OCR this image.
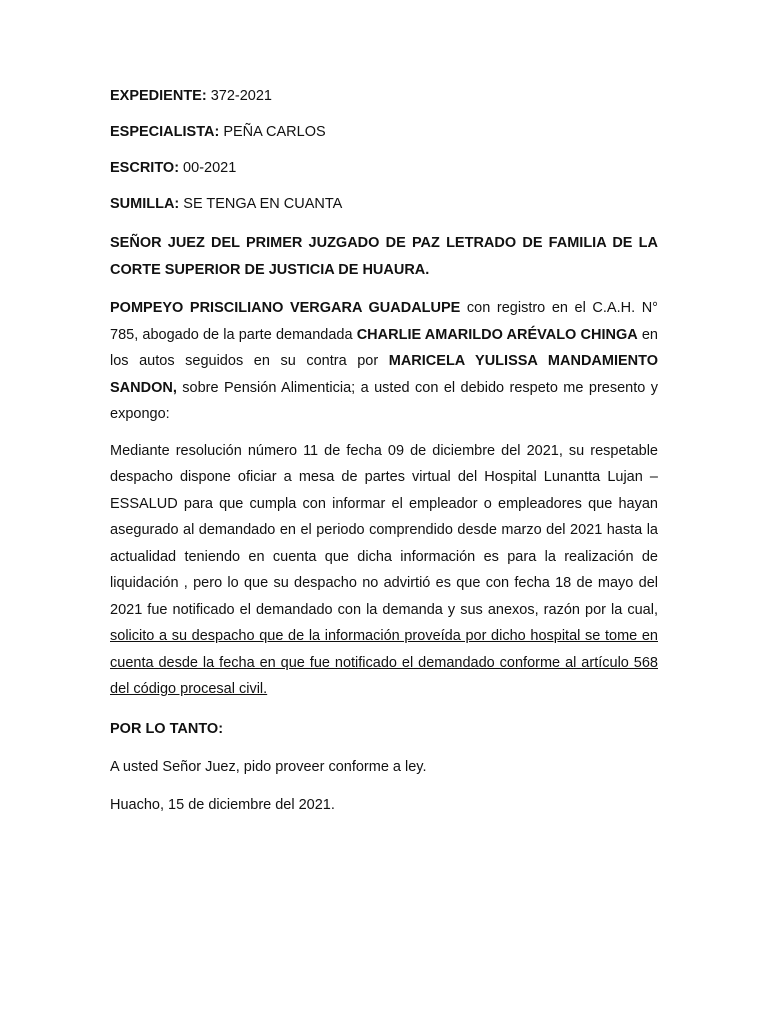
EXPEDIENTE: 372-2021

ESPECIALISTA: PEÑA CARLOS

ESCRITO: 00-2021

SUMILLA: SE TENGA EN CUANTA

SEÑOR JUEZ DEL PRIMER JUZGADO DE PAZ LETRADO DE FAMILIA DE LA CORTE SUPERIOR DE JUSTICIA DE HUAURA.

POMPEYO PRISCILIANO VERGARA GUADALUPE con registro en el C.A.H. N° 785, abogado de la parte demandada CHARLIE AMARILDO ARÉVALO CHINGA en los autos seguidos en su contra por MARICELA YULISSA MANDAMIENTO SANDON, sobre Pensión Alimenticia; a usted con el debido respeto me presento y expongo:

Mediante resolución número 11 de fecha 09 de diciembre del 2021, su respetable despacho dispone oficiar a mesa de partes virtual del Hospital Lunantta Lujan – ESSALUD para que cumpla con informar el empleador o empleadores que hayan asegurado al demandado en el periodo comprendido desde marzo del 2021 hasta la actualidad teniendo en cuenta que dicha información es para la realización de liquidación , pero lo que su despacho no advirtió es que con fecha 18 de mayo del 2021 fue notificado el demandado con la demanda y sus anexos, razón por la cual, solicito a su despacho que de la información proveída por dicho hospital se tome en cuenta desde la fecha en que fue notificado el demandado conforme al artículo 568 del código procesal civil.

POR LO TANTO:

A usted Señor Juez, pido proveer conforme a ley.

Huacho, 15 de diciembre del 2021.
